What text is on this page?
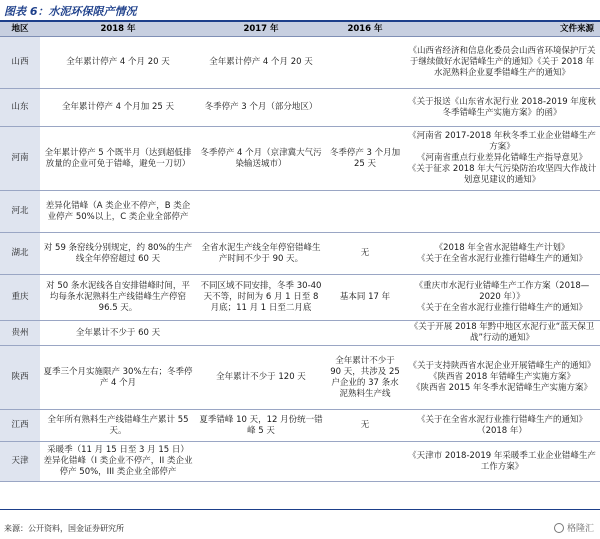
图表 6：水泥环保限产情况
地区	2018 年	2017 年	2016 年	文件来源
山西	全年累计停产 4 个月 20 天	全年累计停产 4 个月 20 天		《山西省经济和信息化委员会山西省环境保护厅关于继续做好水泥错峰生产的通知》《关于 2018 年水泥熟料企业夏季错峰生产的通知》

山东	全年累计停产 4 个月加 25 天	冬季停产 3 个月（部分地区）		《关于报送《山东省水泥行业 2018-2019 年度秋冬季错峰生产实施方案》的函》

河南	全年累计停产 5 个既半月（达到超低排放量的企业可免于错峰，避免一刀切）	冬季停产 4 个月（京津冀大气污染输送城市）	冬季停产 3 个月加 25 天	《河南省 2017-2018 年秋冬季工业企业错峰生产方案》
《河南省重点行业差异化错峰生产指导意见》
《关于征求 2018 年大气污染防治攻坚四大作战计划意见建议的通知》

河北	差异化错峰（A 类企业不停产，B 类企业停产 50%以上，C 类企业全部停产			
湖北	对 59 条窑线分别规定，约 80%的生产线全年停窑超过 60 天	全省水泥生产线全年停窑错峰生产时间不少于 90 天。	无	《2018 年全省水泥错峰生产计划》
《关于在全省水泥行业推行错峰生产的通知》

重庆	对 50 条水泥线各自安排错峰时间，平均每条水泥熟料生产线错峰生产停窑 96.5 天。	不同区域不同安排，冬季 30-40 天不等，时间为 6 月 1 日至 8 月底；11 月 1 日至二月底	基本同 17 年	《重庆市水泥行业错峰生产工作方案（2018—2020 年）》
《关于在全省水泥行业推行错峰生产的通知》

贵州	全年累计不少于 60 天			《关于开展 2018 年黔中地区水泥行业“蓝天保卫战”行动的通知》

陕西	夏季三个月实施限产 30%左右；冬季停产 4 个月	全年累计不少于 120 天	全年累计不少于 90 天，共涉及 25 户企业的 37 条水泥熟料生产线	《关于支持陕西省水泥企业开展错峰生产的通知》
《陕西省 2018 年错峰生产实施方案》
《陕西省 2015 年冬季水泥错峰生产实施方案》

江西	全年所有熟料生产线错峰生产累计 55 天。	夏季错峰 10 天，12 月份统一错峰 5 天	无	《关于在全省水泥行业推行错峰生产的通知》（2018 年）

天津	采暖季（11 月 15 日至 3 月 15 日）差异化错峰（I 类企业不停产，II 类企业停产 50%，III 类企业全部停产			《天津市 2018-2019 年采暖季工业企业错峰生产工作方案》
来源：公开资料，国金证券研究所	格隆汇
